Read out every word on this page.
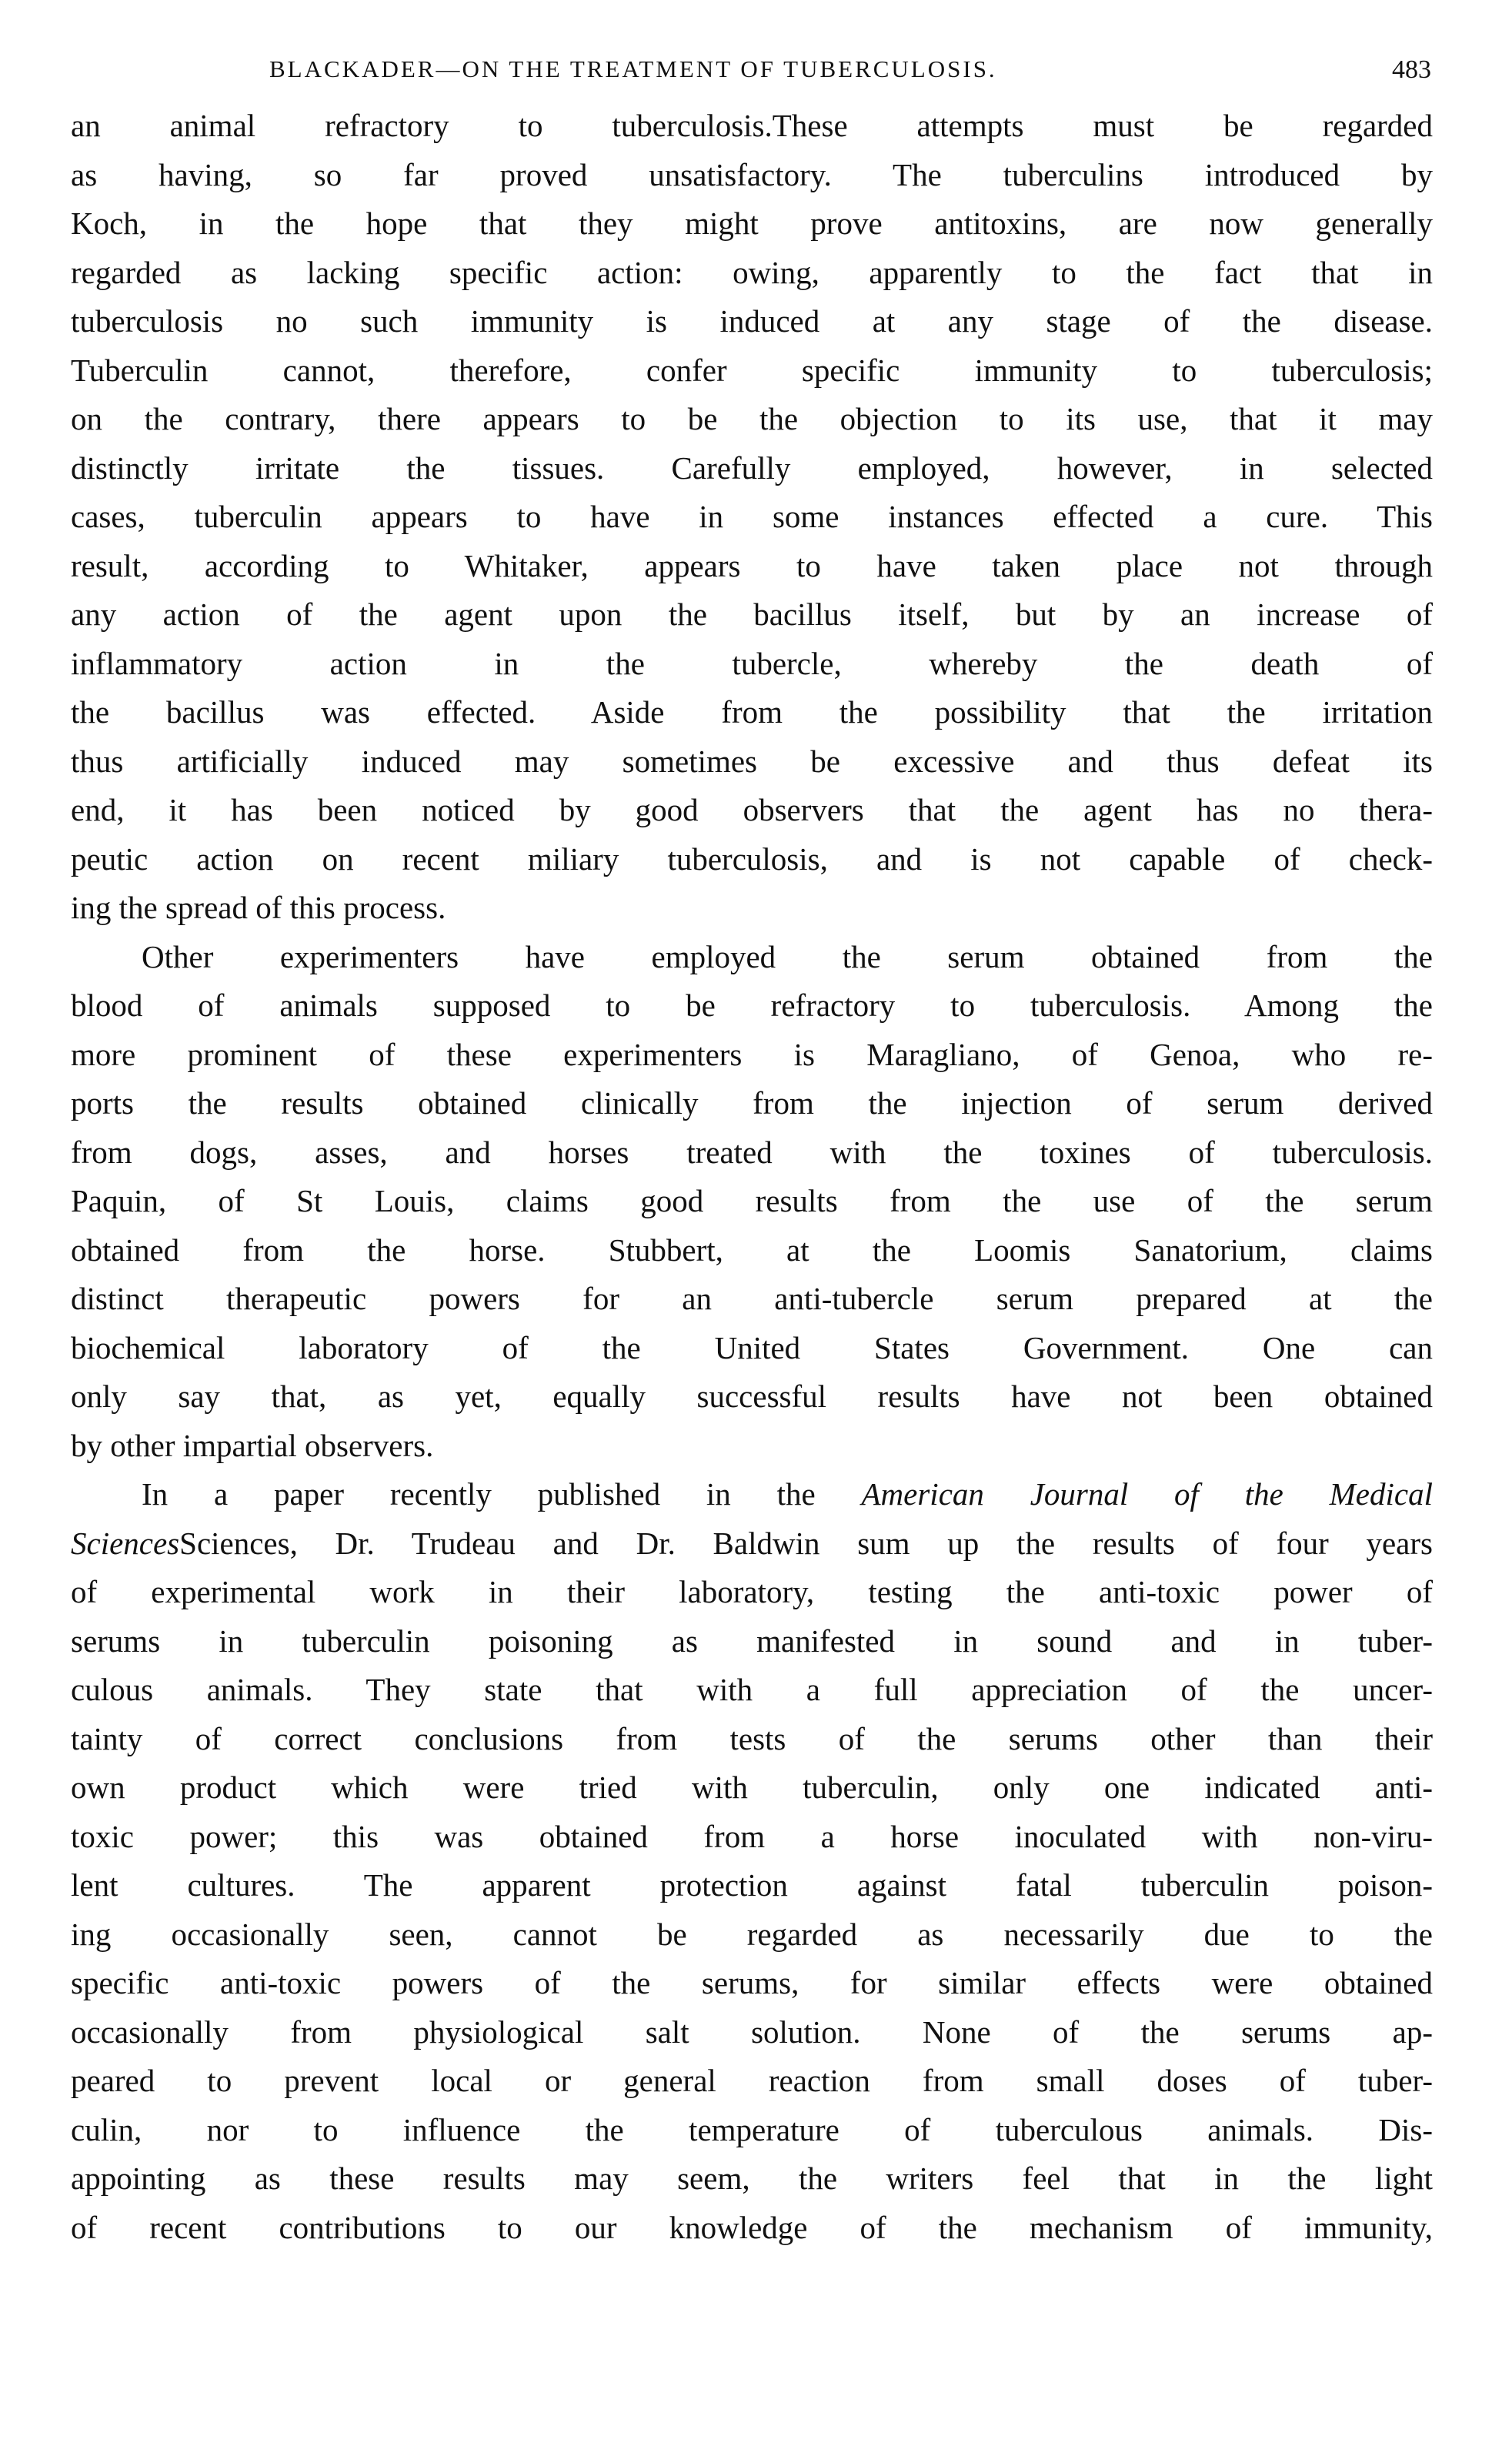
BLACKADER—ON THE TREATMENT OF TUBERCULOSIS.	483
an animal refractory to tuberculosis.These attempts must be regarded
as having, so far proved unsatisfactory. The tuberculins introduced by
Koch, in the hope that they might prove antitoxins, are now generally
regarded as lacking specific action: owing, apparently to the fact that in
tuberculosis no such immunity is induced at any stage of the disease.
Tuberculin cannot, therefore, confer specific immunity to tuberculosis;
on the contrary, there appears to be the objection to its use, that it may
distinctly irritate the tissues. Carefully employed, however, in selected
cases, tuberculin appears to have in some instances effected a cure. This
result, according to Whitaker, appears to have taken place not through
any action of the agent upon the bacillus itself, but by an increase of
inflammatory action in the tubercle, whereby the death of
the bacillus was effected. Aside from the possibility that the irritation
thus artificially induced may sometimes be excessive and thus defeat its
end, it has been noticed by good observers that the agent has no thera-
peutic action on recent miliary tuberculosis, and is not capable of check-
ing the spread of this process.
Other experimenters have employed the serum obtained from the
blood of animals supposed to be refractory to tuberculosis. Among the
more prominent of these experimenters is Maragliano, of Genoa, who re-
ports the results obtained clinically from the injection of serum derived
from dogs, asses, and horses treated with the toxines of tuberculosis.
Paquin, of St Louis, claims good results from the use of the serum
obtained from the horse. Stubbert, at the Loomis Sanatorium, claims
distinct therapeutic powers for an anti-tubercle serum prepared at the
biochemical laboratory of the United States Government. One can
only say that, as yet, equally successful results have not been obtained
by other impartial observers.
In a paper recently published in the American Journal of the Medical
SciencesSciences, Dr. Trudeau and Dr. Baldwin sum up the results of four years
of experimental work in their laboratory, testing the anti-toxic power of
serums in tuberculin poisoning as manifested in sound and in tuber-
culous animals. They state that with a full appreciation of the uncer-
tainty of correct conclusions from tests of the serums other than their
own product which were tried with tuberculin, only one indicated anti-
toxic power; this was obtained from a horse inoculated with non-viru-
lent cultures. The apparent protection against fatal tuberculin poison-
ing occasionally seen, cannot be regarded as necessarily due to the
specific anti-toxic powers of the serums, for similar effects were obtained
occasionally from physiological salt solution. None of the serums ap-
peared to prevent local or general reaction from small doses of tuber-
culin, nor to influence the temperature of tuberculous animals. Dis-
appointing as these results may seem, the writers feel that in the light
of recent contributions to our knowledge of the mechanism of immunity,
